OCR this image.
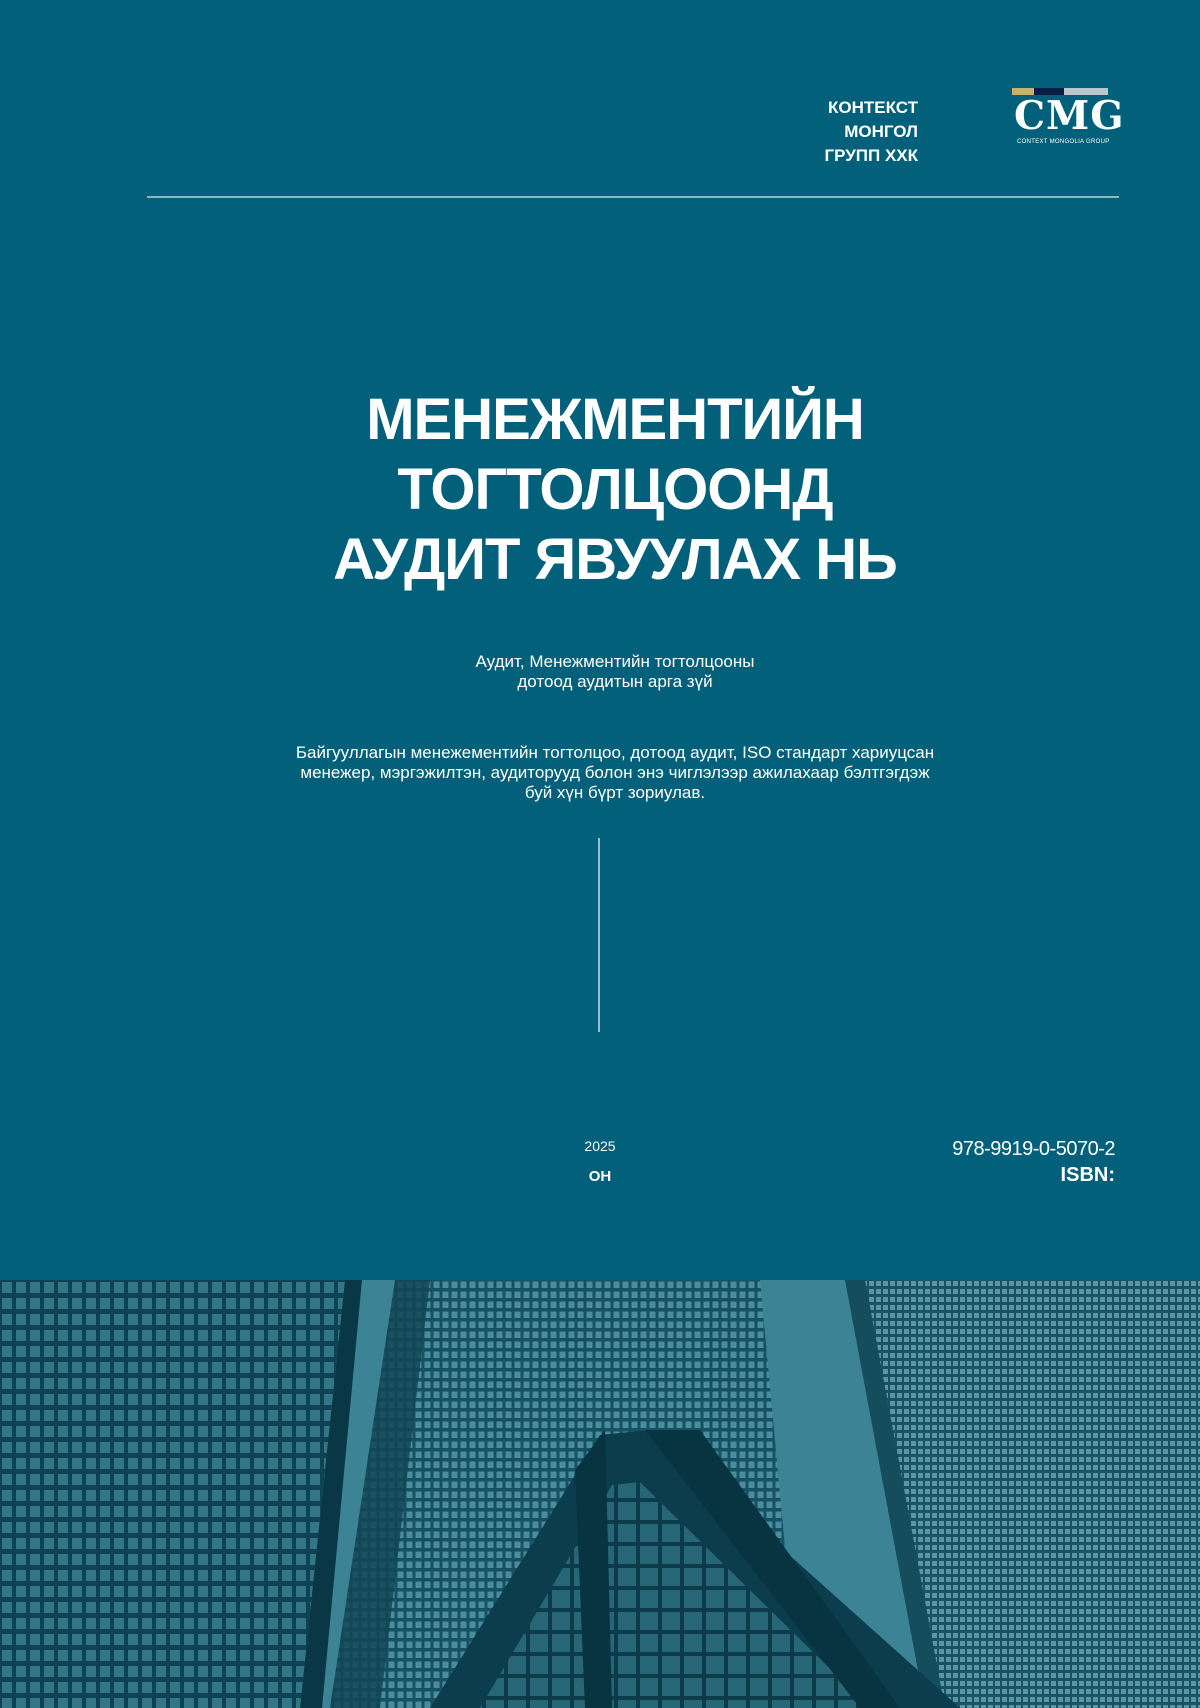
КОНТЕКСТ МОНГОЛ
ГРУПП ХХК
CMG
CONTEXT MONGOLIA GROUP
МЕНЕЖМЕНТИЙН
ТОГТОЛЦООНД
АУДИТ ЯВУУЛАХ НЬ
Аудит, Менежментийн тогтолцооны
дотоод аудитын арга зүй
Байгууллагын менежементийн тогтолцоо, дотоод аудит, ISO стандарт хариуцсан
менежер, мэргэжилтэн, аудиторууд болон энэ чиглэлээр ажилахаар бэлтгэгдэж
буй хүн бүрт зориулав.
2025
ОН
978-9919-0-5070-2
ISBN:
